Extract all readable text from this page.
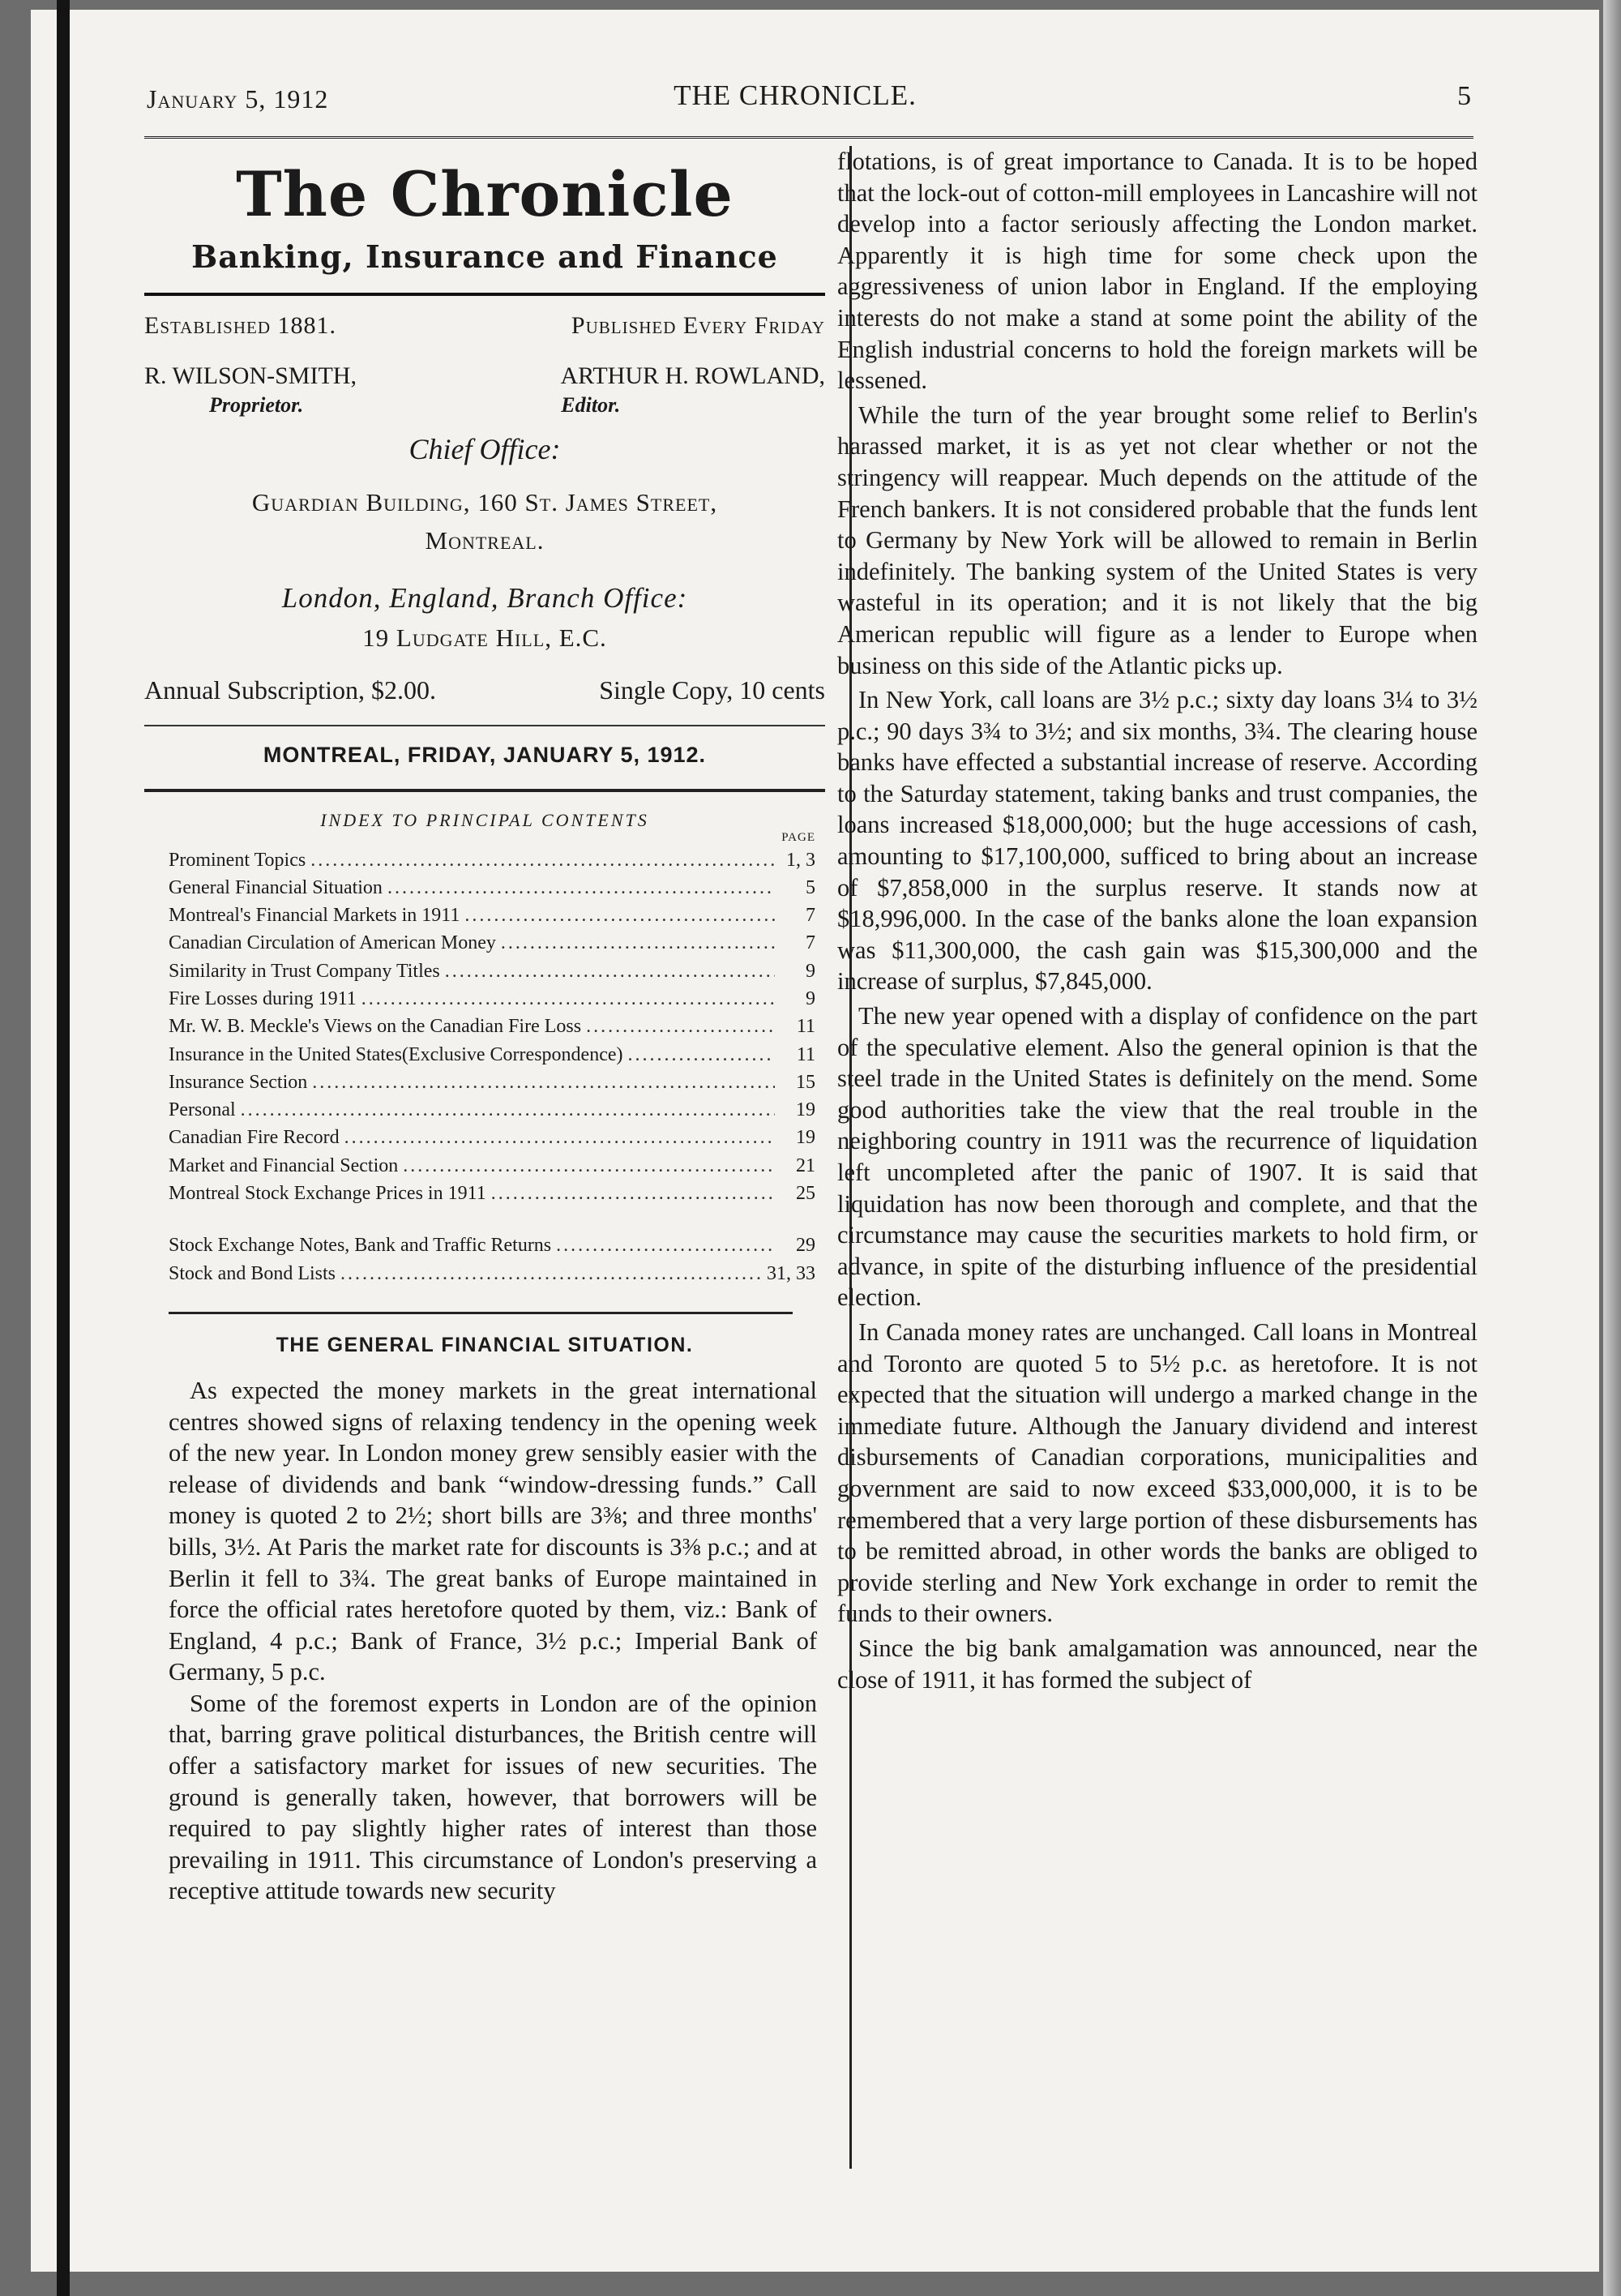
January 5, 1912	THE CHRONICLE.	5
The Chronicle
Banking, Insurance and Finance
Established 1881.	Published Every Friday
R. WILSON-SMITH,	ARTHUR H. ROWLAND,
Proprietor.	Editor.
Chief Office:
Guardian Building, 160 St. James Street,
Montreal.
London, England, Branch Office:
19 Ludgate Hill, E.C.
Annual Subscription, $2.00.	Single Copy, 10 cents
MONTREAL, FRIDAY, JANUARY 5, 1912.
INDEX TO PRINCIPAL CONTENTS
PAGE
Prominent Topics .....	1, 3
General Financial Situation .....	5
Montreal's Financial Markets in 1911 .....	7
Canadian Circulation of American Money .....	7
Similarity in Trust Company Titles .....	9
Fire Losses during 1911 .....	9
Mr. W. B. Meckle's Views on the Canadian Fire Loss .....	11
Insurance in the United States(Exclusive Correspondence) .....	11
Insurance Section .....	15
Personal .....	19
Canadian Fire Record .....	19
Market and Financial Section .....	21
Montreal Stock Exchange Prices in 1911 .....	25
Stock Exchange Notes, Bank and Traffic Returns .....	29
Stock and Bond Lists .....	31, 33
THE GENERAL FINANCIAL SITUATION.

As expected the money markets in the great international centres showed signs of relaxing tendency in the opening week of the new year. In London money grew sensibly easier with the release of dividends and bank “window-dressing funds.” Call money is quoted 2 to 2½; short bills are 3⅜; and three months' bills, 3½. At Paris the market rate for discounts is 3⅜ p.c.; and at Berlin it fell to 3¾. The great banks of Europe maintained in force the official rates heretofore quoted by them, viz.: Bank of England, 4 p.c.; Bank of France, 3½ p.c.; Imperial Bank of Germany, 5 p.c.

Some of the foremost experts in London are of the opinion that, barring grave political disturbances, the British centre will offer a satisfactory market for issues of new securities. The ground is generally taken, however, that borrowers will be required to pay slightly higher rates of interest than those prevailing in 1911. This circumstance of London's preserving a receptive attitude towards new security

flotations, is of great importance to Canada. It is to be hoped that the lock-out of cotton-mill employees in Lancashire will not develop into a factor seriously affecting the London market. Apparently it is high time for some check upon the aggressiveness of union labor in England. If the employing interests do not make a stand at some point the ability of the English industrial concerns to hold the foreign markets will be lessened.

While the turn of the year brought some relief to Berlin's harassed market, it is as yet not clear whether or not the stringency will reappear. Much depends on the attitude of the French bankers. It is not considered probable that the funds lent to Germany by New York will be allowed to remain in Berlin indefinitely. The banking system of the United States is very wasteful in its operation; and it is not likely that the big American republic will figure as a lender to Europe when business on this side of the Atlantic picks up.

In New York, call loans are 3½ p.c.; sixty day loans 3¼ to 3½ p.c.; 90 days 3¾ to 3½; and six months, 3¾. The clearing house banks have effected a substantial increase of reserve. According to the Saturday statement, taking banks and trust companies, the loans increased $18,000,000; but the huge accessions of cash, amounting to $17,100,000, sufficed to bring about an increase of $7,858,000 in the surplus reserve. It stands now at $18,996,000. In the case of the banks alone the loan expansion was $11,300,000, the cash gain was $15,300,000 and the increase of surplus, $7,845,000.

The new year opened with a display of confidence on the part of the speculative element. Also the general opinion is that the steel trade in the United States is definitely on the mend. Some good authorities take the view that the real trouble in the neighboring country in 1911 was the recurrence of liquidation left uncompleted after the panic of 1907. It is said that liquidation has now been thorough and complete, and that the circumstance may cause the securities markets to hold firm, or advance, in spite of the disturbing influence of the presidential election.

In Canada money rates are unchanged. Call loans in Montreal and Toronto are quoted 5 to 5½ p.c. as heretofore. It is not expected that the situation will undergo a marked change in the immediate future. Although the January dividend and interest disbursements of Canadian corporations, municipalities and government are said to now exceed $33,000,000, it is to be remembered that a very large portion of these disbursements has to be remitted abroad, in other words the banks are obliged to provide sterling and New York exchange in order to remit the funds to their owners.

Since the big bank amalgamation was announced, near the close of 1911, it has formed the subject of
